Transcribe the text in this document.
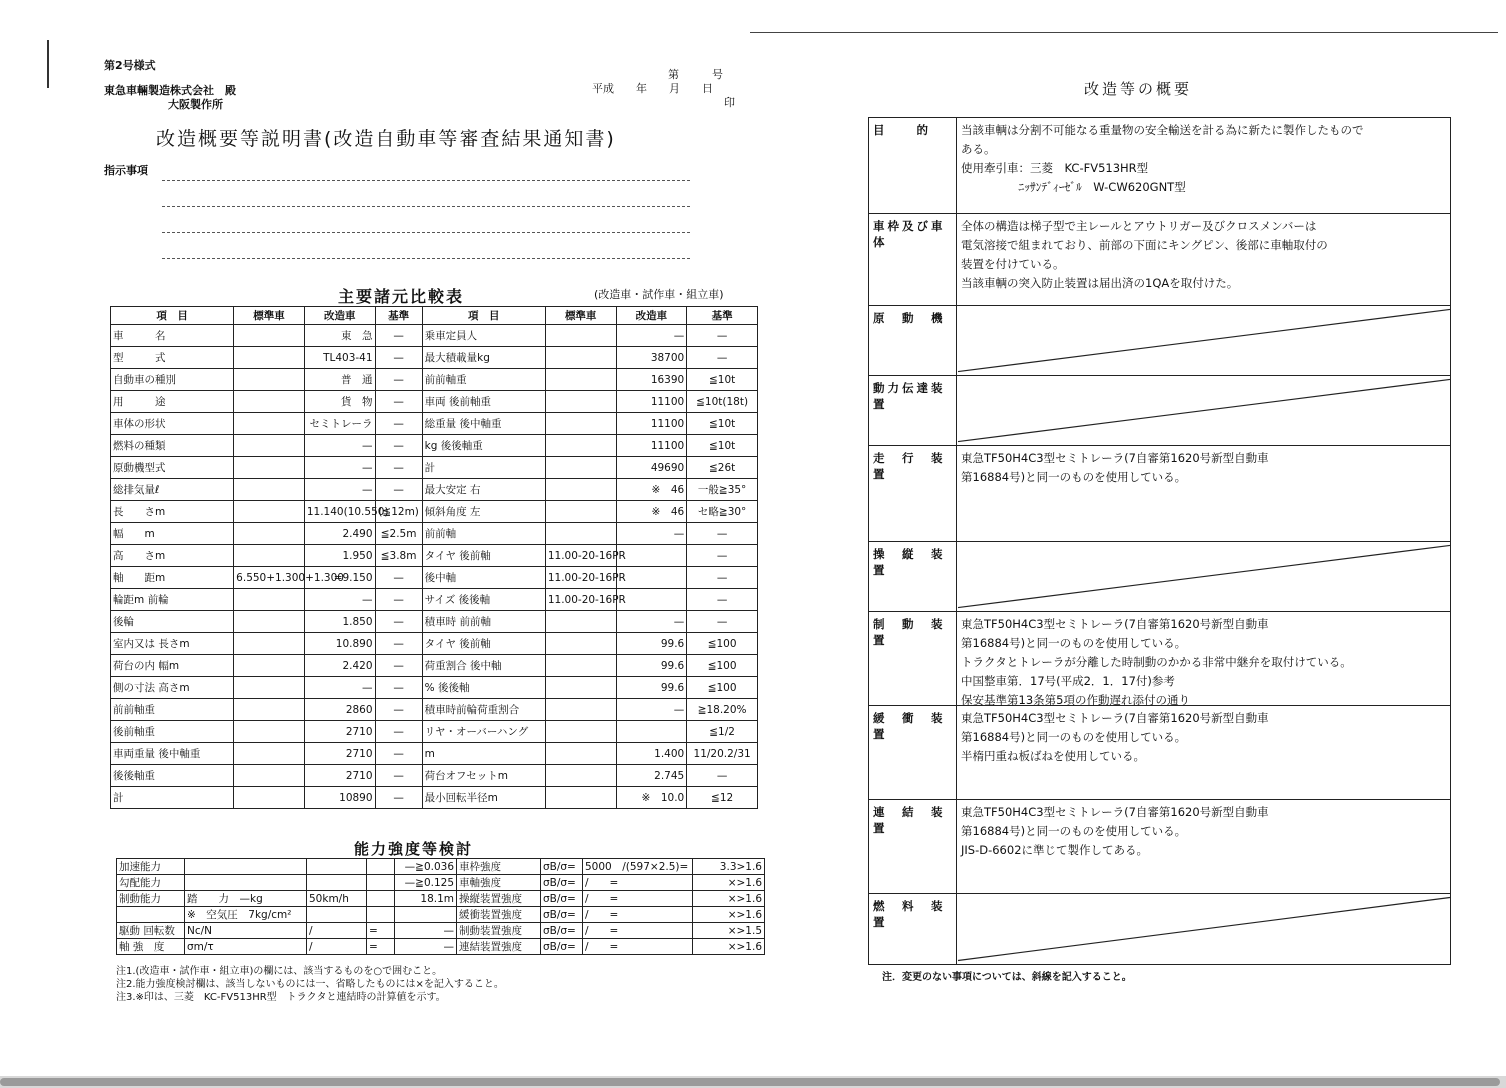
第2号様式
東急車輛製造株式会社　殿
大阪製作所
第　　　号
平成　　年　　月　　日
印
改造概要等説明書(改造自動車等審査結果通知書)
指示事項
主要諸元比較表	(改造車・試作車・組立車)
項　目	標準車	改造車	基準	項　目	標準車	改造車	基準
車　　　名		東　急	—	乗車定員人		—	—
型　　　式		TL403-41	—	最大積載量kg		38700	—
自動車の種別		普　通	—	前前軸重		16390	≦10t
用　　　途		貨　物	—	車両 後前軸重		11100	≦10t(18t)
車体の形状		セミトレーラ	—	総重量 後中軸重		11100	≦10t
燃料の種類		—	—	kg 後後軸重		11100	≦10t
原動機型式		—	—	計		49690	≦26t
総排気量ℓ		—	—	最大安定 右		※　46	一般≧35°
長　　さm		11.140(10.550)	(≦12m)	傾斜角度 左		※　46	セ略≧30°
幅　　m		2.490	≦2.5m	前前軸		—	—
高　　さm		1.950	≦3.8m	タイヤ 後前軸	11.00-20-16PR		—
軸　　距m	6.550+1.300+1.300	=9.150	—	後中軸	11.00-20-16PR		—
輪距m 前輪		—	—	サイズ 後後軸	11.00-20-16PR		—
後輪		1.850	—	積車時 前前軸		—	—
室内又は 長さm		10.890	—	タイヤ 後前軸		99.6	≦100
荷台の内 幅m		2.420	—	荷重割合 後中軸		99.6	≦100
側の寸法 高さm		—	—	% 後後軸		99.6	≦100
前前軸重		2860	—	積車時前輪荷重割合		—	≧18.20%
後前軸重		2710	—	リヤ・オーバーハング			≦1/2
車両重量 後中軸重		2710	—	m		1.400	11/20.2/31
後後軸重		2710	—	荷台オフセットm		2.745	—
計		10890	—	最小回転半径m		※　10.0	≦12
能力強度等検討
加速能力				—≧0.036	車枠強度	σB/σ=	5000　/(597×2.5)=	3.3>1.6
勾配能力				—≧0.125	車軸強度	σB/σ=	/　　=	×>1.6
制動能力	踏　　力　—kg	50km/h		18.1m	操縦装置強度	σB/σ=	/　　=	×>1.6
	※　空気圧　7kg/cm²				緩衝装置強度	σB/σ=	/　　=	×>1.6
駆動 回転数	Nc/N	/	=	—	制動装置強度	σB/σ=	/　　=	×>1.5
軸 強　度	σm/τ	/	=	—	連結装置強度	σB/σ=	/　　=	×>1.6
注1.(改造車・試作車・組立車)の欄には、該当するものを○で囲むこと。
注2.能力強度検討欄は、該当しないものには一、省略したものには×を記入すること。
注3.※印は、三菱　KC-FV513HR型　トラクタと連結時の計算値を示す。
改造等の概要
目　　的	当該車輌は分割不可能なる重量物の安全輸送を計る為に新たに製作したもので
ある。
使用牽引車：三菱　KC-FV513HR型
　　　　　ﾆｯｻﾝﾃﾞｨｰｾﾞﾙ　W-CW620GNT型
車枠及び車体
全体の構造は梯子型で主レールとアウトリガー及びクロスメンバーは
電気溶接で組まれており、前部の下面にキングピン、後部に車軸取付の
装置を付けている。
当該車輌の突入防止装置は届出済の1QAを取付けた。
原　動　機
動力伝達装置
走　行　装　置
東急TF50H4C3型セミトレーラ(7自審第1620号新型自動車
第16884号)と同一のものを使用している。
操　縦　装　置
制　動　装　置
東急TF50H4C3型セミトレーラ(7自審第1620号新型自動車
第16884号)と同一のものを使用している。
トラクタとトレーラが分離した時制動のかかる非常中継弁を取付けている。
中国整車第．17号(平成2．1．17付)参考
保安基準第13条第5項の作動遅れ添付の通り
緩　衝　装　置
東急TF50H4C3型セミトレーラ(7自審第1620号新型自動車
第16884号)と同一のものを使用している。
半楕円重ね板ばねを使用している。
連　結　装　置
東急TF50H4C3型セミトレーラ(7自審第1620号新型自動車
第16884号)と同一のものを使用している。
JIS-D-6602に準じて製作してある。
燃　料　装　置
注．変更のない事項については、斜線を記入すること。
